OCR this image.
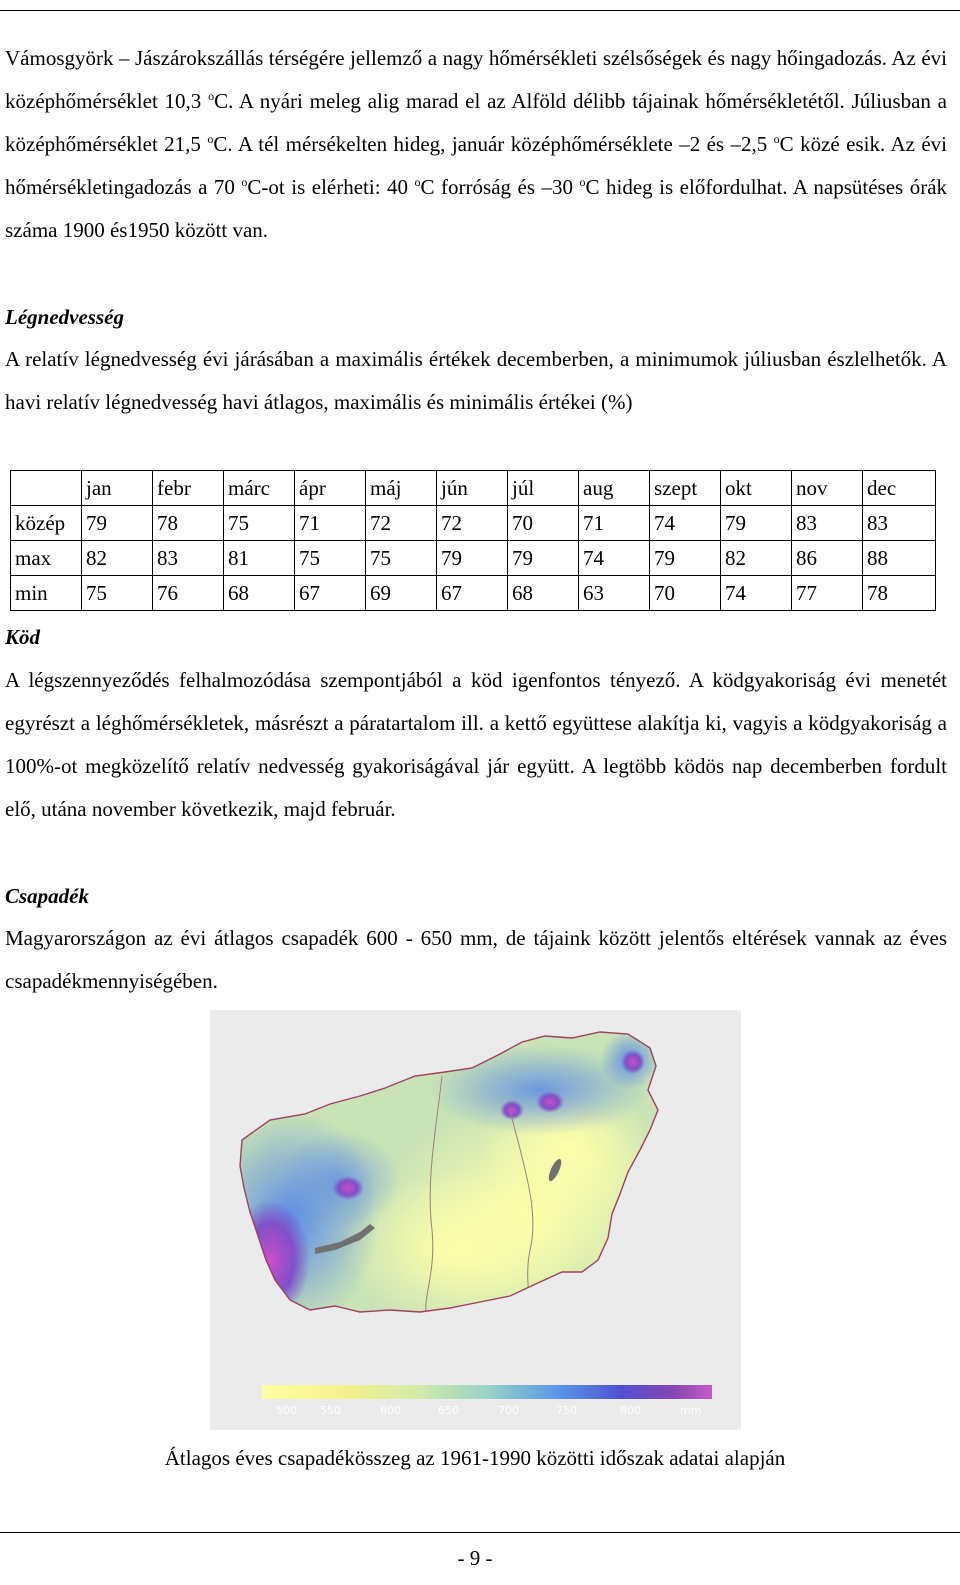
Vámosgyörk – Jászárokszállás térségére jellemző a nagy hőmérsékleti szélsőségek és nagy hőingadozás. Az évi középhőmérséklet 10,3 $^o$C. A nyári meleg alig marad el az Alföld délibb tájainak hőmérsékletétől. Júliusban a középhőmérséklet 21,5 $^o$C. A tél mérsékelten hideg, január középhőmérséklete –2 és –2,5 $^o$C közé esik. Az évi hőmérsékletingadozás a 70 $^o$C-ot is elérheti: 40 $^o$C forróság és –30 $^o$C hideg is előfordulhat. A napsütéses órák száma 1900 és1950 között van.
Légnedvesség
A relatív légnedvesség évi járásában a maximális értékek decemberben, a minimumok júliusban észlelhetők. A havi relatív légnedvesség havi átlagos, maximális és minimális értékei (%)
	jan	febr	márc	ápr	máj	jún	júl	aug	szept	okt	nov	dec
közép	79	78	75	71	72	72	70	71	74	79	83	83
max	82	83	81	75	75	79	79	74	79	82	86	88
min	75	76	68	67	69	67	68	63	70	74	77	78
Köd
A légszennyeződés felhalmozódása szempontjából a köd igenfontos tényező. A ködgyakoriság évi menetét egyrészt a léghőmérsékletek, másrészt a páratartalom ill. a kettő együttese alakítja ki, vagyis a ködgyakoriság a 100%-ot megközelítő relatív nedvesség gyakoriságával jár együtt. A legtöbb ködös nap decemberben fordult elő, utána november következik, majd február.
Csapadék
Magyarországon az évi átlagos csapadék 600 - 650 mm, de tájaink között jelentős eltérések vannak az éves csapadékmennyiségében.
500 550	600	650	700	750	800	mm
Átlagos éves csapadékösszeg az 1961-1990 közötti időszak adatai alapján
- 9 -
